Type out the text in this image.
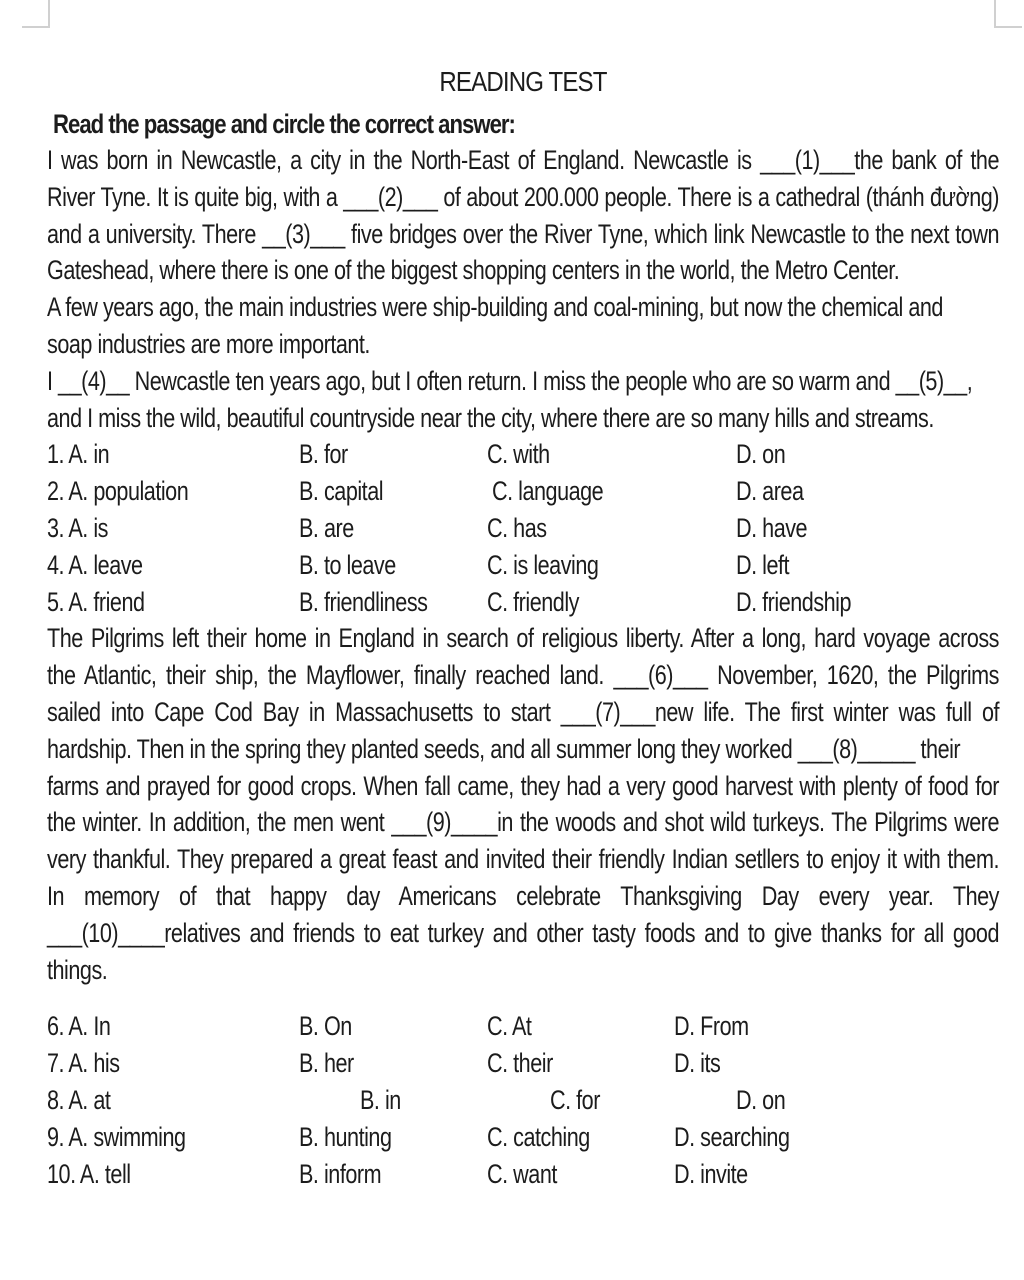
READING TEST
Read the passage and circle the correct answer:
I was born in Newcastle, a city in the North-East of England. Newcastle is ___(1)___the bank of the
River Tyne. It is quite big, with a ___(2)___ of about 200.000 people. There is a cathedral (thánh đường)
and a university. There __(3)___ five bridges over the River Tyne, which link Newcastle to the next town
Gateshead, where there is one of the biggest shopping centers in the world, the Metro Center.
A few years ago, the main industries were ship-building and coal-mining, but now the chemical and
soap industries are more important.
I __(4)__ Newcastle ten years ago, but I often return. I miss the people who are so warm and __(5)__,
and I miss the wild, beautiful countryside near the city, where there are so many hills and streams.
1. A. in	B. for	C. with	D. on
2. A. population	B. capital	C. language	D. area
3. A. is	B. are	C. has	D. have
4. A. leave	B. to leave	C. is leaving	D. left
5. A. friend	B. friendliness C. friendly	D. friendship
The Pilgrims left their home in England in search of religious liberty. After a long, hard voyage across
the Atlantic, their ship, the Mayflower, finally reached land. ___(6)___ November, 1620, the Pilgrims
sailed into Cape Cod Bay in Massachusetts to start ___(7)___new life. The first winter was full of
hardship. Then in the spring they planted seeds, and all summer long they worked ___(8)_____ their
farms and prayed for good crops. When fall came, they had a very good harvest with plenty of food for
the winter. In addition, the men went ___(9)____in the woods and shot wild turkeys. The Pilgrims were
very thankful. They prepared a great feast and invited their friendly Indian setllers to enjoy it with them.
In memory of that happy day Americans celebrate Thanksgiving Day every year. They
___(10)____relatives and friends to eat turkey and other tasty foods and to give thanks for all good
things.
6. A. In	B. On	C. At	D. From
7. A. his	B. her	C. their	D. its
8. A. at	B. in	C. for	D. on
9. A. swimming	B. hunting	C. catching	D. searching
10. A. tell	B. inform	C. want	D. invite
